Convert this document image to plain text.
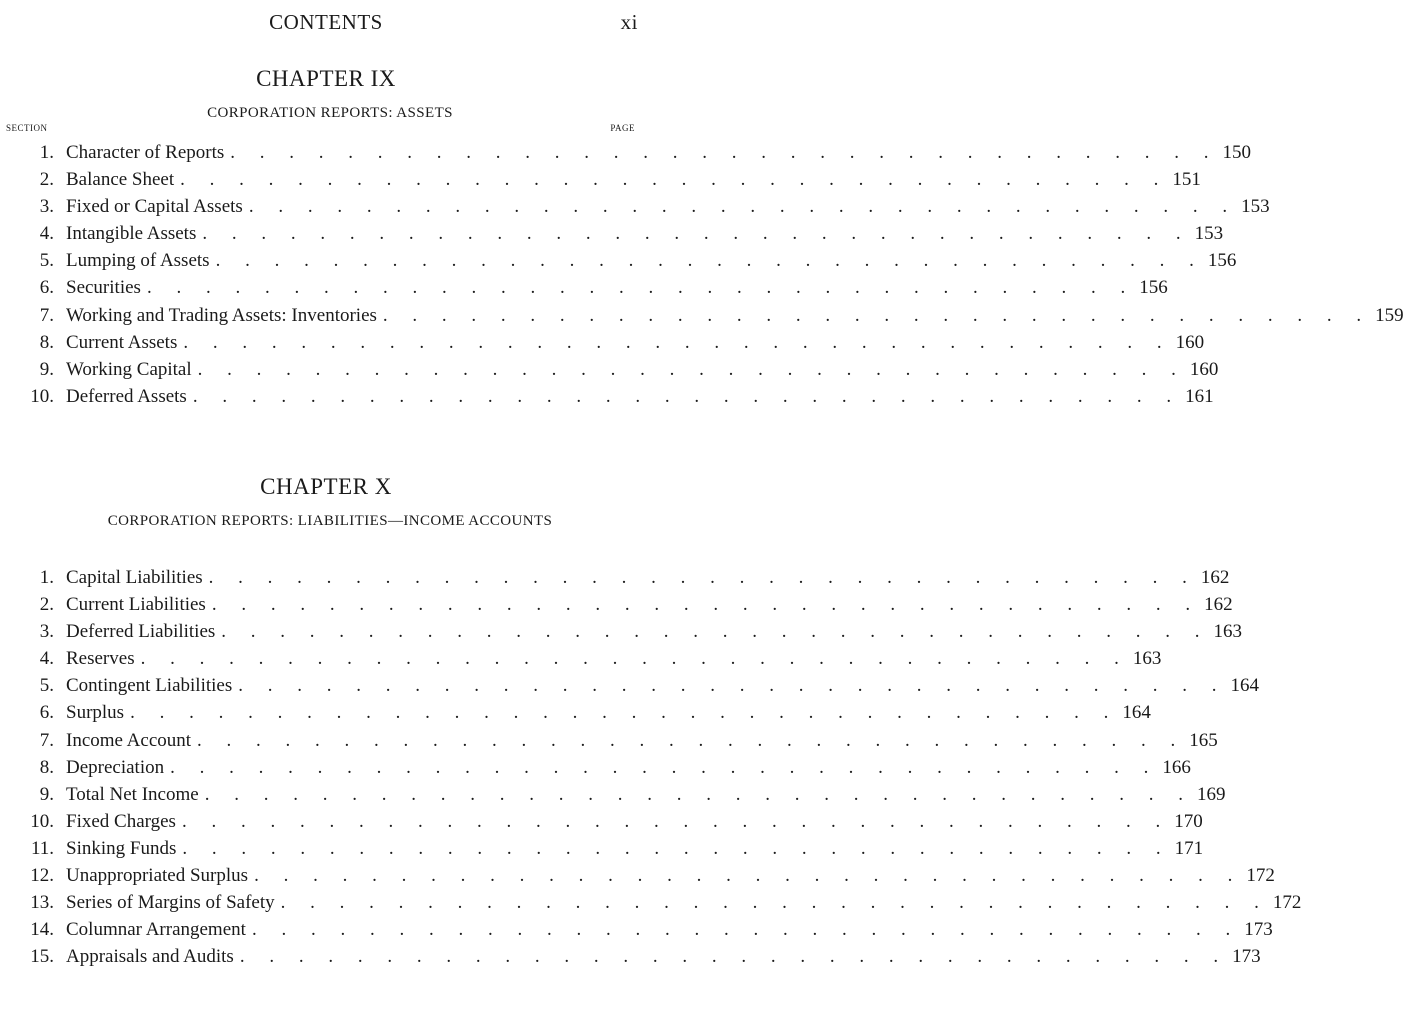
CONTENTS	xi
CHAPTER IX
CORPORATION REPORTS: ASSETS
SECTION	PAGE
1. Character of Reports . . . . . . . . . . . . . . . . . . . . . . . . . . . . . . . . . . 150
2. Balance Sheet . . . . . . . . . . . . . . . . . . . . . . . . . . . . . . . . . . 151
3. Fixed or Capital Assets . . . . . . . . . . . . . . . . . . . . . . . . . . . . . . . . . . 153
4. Intangible Assets . . . . . . . . . . . . . . . . . . . . . . . . . . . . . . . . . . 153
5. Lumping of Assets . . . . . . . . . . . . . . . . . . . . . . . . . . . . . . . . . . 156
6. Securities . . . . . . . . . . . . . . . . . . . . . . . . . . . . . . . . . . 156
7. Working and Trading Assets: Inventories . . . . . . . . . . . . . . . . . . . . . . . . . . . . . . . . . . 159
8. Current Assets . . . . . . . . . . . . . . . . . . . . . . . . . . . . . . . . . . 160
9. Working Capital . . . . . . . . . . . . . . . . . . . . . . . . . . . . . . . . . . 160
10. Deferred Assets . . . . . . . . . . . . . . . . . . . . . . . . . . . . . . . . . . 161
CHAPTER X
CORPORATION REPORTS: LIABILITIES—INCOME ACCOUNTS
1. Capital Liabilities . . . . . . . . . . . . . . . . . . . . . . . . . . . . . . . . . . 162
2. Current Liabilities . . . . . . . . . . . . . . . . . . . . . . . . . . . . . . . . . . 162
3. Deferred Liabilities . . . . . . . . . . . . . . . . . . . . . . . . . . . . . . . . . . 163
4. Reserves . . . . . . . . . . . . . . . . . . . . . . . . . . . . . . . . . . 163
5. Contingent Liabilities . . . . . . . . . . . . . . . . . . . . . . . . . . . . . . . . . . 164
6. Surplus . . . . . . . . . . . . . . . . . . . . . . . . . . . . . . . . . . 164
7. Income Account . . . . . . . . . . . . . . . . . . . . . . . . . . . . . . . . . . 165
8. Depreciation . . . . . . . . . . . . . . . . . . . . . . . . . . . . . . . . . . 166
9. Total Net Income . . . . . . . . . . . . . . . . . . . . . . . . . . . . . . . . . . 169
10. Fixed Charges . . . . . . . . . . . . . . . . . . . . . . . . . . . . . . . . . . 170
11. Sinking Funds . . . . . . . . . . . . . . . . . . . . . . . . . . . . . . . . . . 171
12. Unappropriated Surplus . . . . . . . . . . . . . . . . . . . . . . . . . . . . . . . . . . 172
13. Series of Margins of Safety . . . . . . . . . . . . . . . . . . . . . . . . . . . . . . . . . . 172
14. Columnar Arrangement . . . . . . . . . . . . . . . . . . . . . . . . . . . . . . . . . . 173
15. Appraisals and Audits . . . . . . . . . . . . . . . . . . . . . . . . . . . . . . . . . . 173
